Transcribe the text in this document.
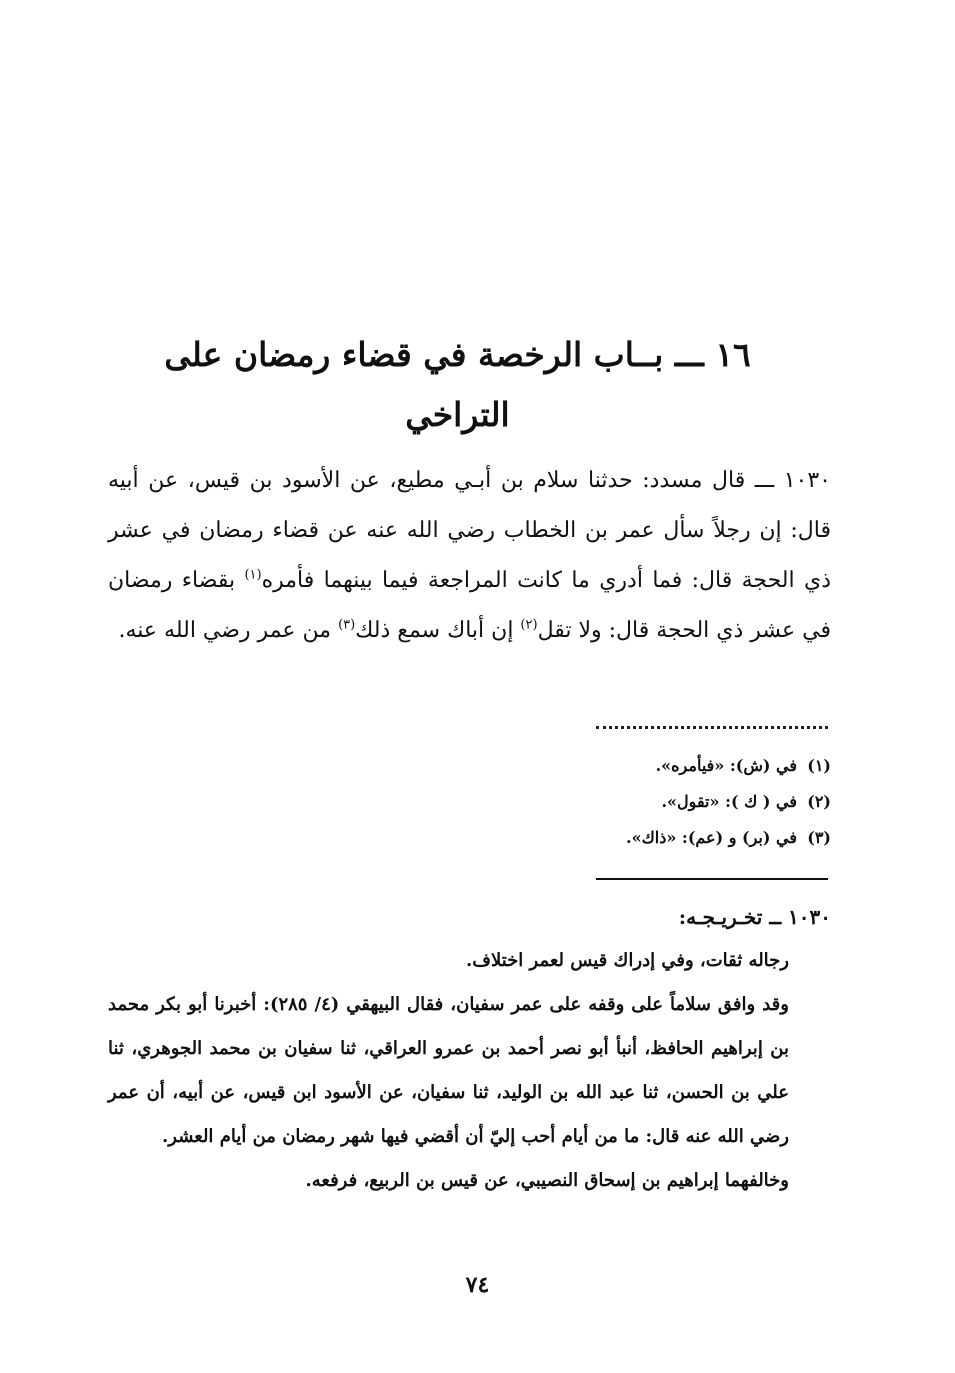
١٦ ـــ بــاب الرخصة في قضاء رمضان على التراخي

١٠٣٠ ـــ قال مسدد: حدثنا سلام بن أبـي مطيع، عن الأسود بن قيس، عن أبيه قال: إن رجلاً سأل عمر بن الخطاب رضي الله عنه عن قضاء رمضان في عشر ذي الحجة قال: فما أدري ما كانت المراجعة فيما بينهما فأمره$^{(١)}$ بقضاء رمضان في عشر ذي الحجة قال: ولا تقل$^{(٢)}$ إن أباك سمع ذلك$^{(٣)}$ من عمر رضي الله عنه.

(١)في (ش): «فيأمره».
(٢)في ( ك ): «تقول».
(٣)في (بر) و (عم): «ذاك».

١٠٣٠ ــ تخـريـجـه:

رجاله ثقات، وفي إدراك قيس لعمر اختلاف.

وقد وافق سلاماً على وقفه على عمر سفيان، فقال البيهقي (٤/ ٢٨٥): أخبرنا أبو بكر محمد بن إبراهيم الحافظ، أنبأ أبو نصر أحمد بن عمرو العراقي، ثنا سفيان بن محمد الجوهري، ثنا علي بن الحسن، ثنا عبد الله بن الوليد، ثنا سفيان، عن الأسود ابن قيس، عن أبيه، أن عمر رضي الله عنه قال: ما من أيام أحب إليّ أن أقضي فيها شهر رمضان من أيام العشر.

وخالفهما إبراهيم بن إسحاق النصيبي، عن قيس بن الربيع، فرفعه.

٧٤
